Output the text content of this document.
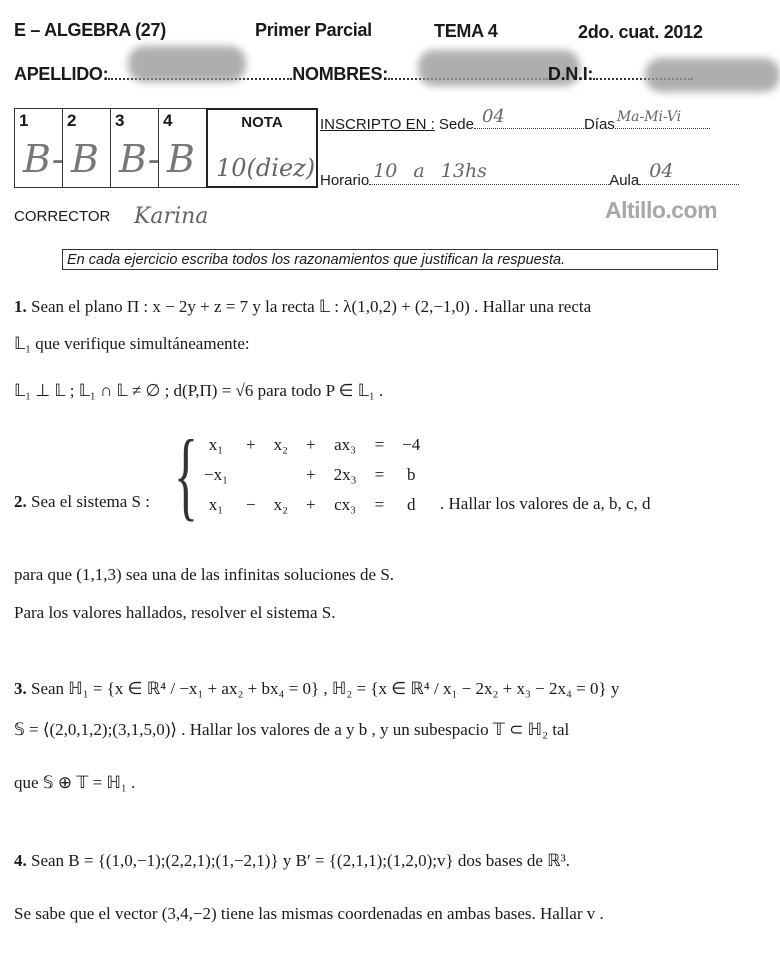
E – ALGEBRA (27)	Primer Parcial	TEMA 4	2do. cuat. 2012
APELLIDO:	NOMBRES:	D.N.I:
1
B-
2
B
3
B-
4
B
NOTA
10(diez)
INSCRIPTO EN : Sede 04	Días Ma-Mi-Vi
Horario 10 a 13hs	Aula 04
Altillo.com
CORRECTOR Karina
En cada ejercicio escriba todos los razonamientos que justifican la respuesta.
1. Sean el plano Π : x − 2y + z = 7 y la recta 𝕃 : λ(1,0,2) + (2,−1,0) . Hallar una recta
𝕃₁ que verifique simultáneamente:
𝕃₁ ⊥ 𝕃 ; 𝕃₁ ∩ 𝕃 ≠ ∅ ; d(P,Π) = √6 para todo P ∈ 𝕃₁ .
2. Sea el sistema S : { x₁	+	x₂	+	ax₃	=	−4
−x₁			+	2x₃	=	b
x₁	−	x₂	+	cx₃	=	d . Hallar los valores de a, b, c, d
para que (1,1,3) sea una de las infinitas soluciones de S.
Para los valores hallados, resolver el sistema S.
3. Sean ℍ₁ = {x ∈ ℝ⁴ / −x₁ + ax₂ + bx₄ = 0} , ℍ₂ = {x ∈ ℝ⁴ / x₁ − 2x₂ + x₃ − 2x₄ = 0} y
𝕊 = ⟨(2,0,1,2);(3,1,5,0)⟩ . Hallar los valores de a y b , y un subespacio 𝕋 ⊂ ℍ₂ tal
que 𝕊 ⊕ 𝕋 = ℍ₁ .
4. Sean B = {(1,0,−1);(2,2,1);(1,−2,1)} y B′ = {(2,1,1);(1,2,0);v} dos bases de ℝ³.
Se sabe que el vector (3,4,−2) tiene las mismas coordenadas en ambas bases. Hallar v .
